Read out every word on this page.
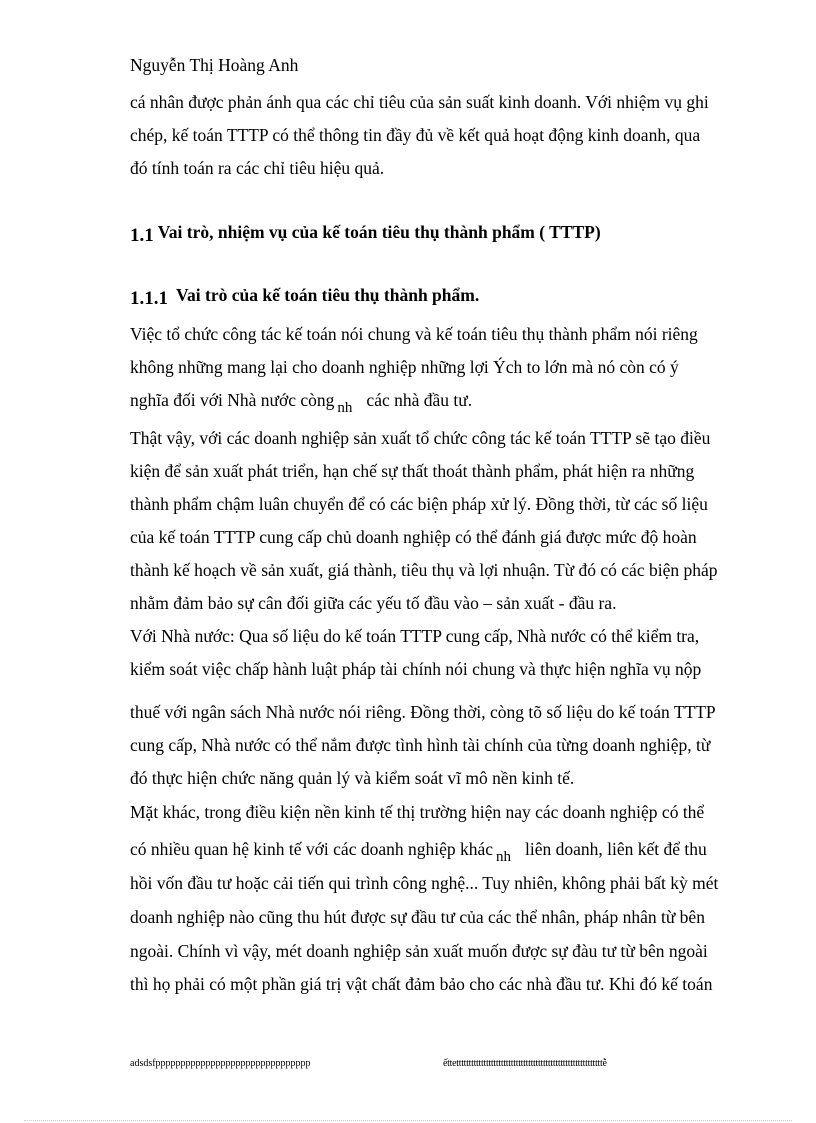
Nguyễn Thị Hoàng Anh
cá nhân được phản ánh qua các chỉ tiêu của sản suất kinh doanh. Với nhiệm vụ ghi
chép, kế toán TTTP có thể thông tin đầy đủ về kết quả hoạt động kinh doanh, qua
đó tính toán ra các chỉ tiêu hiệu quả.
1.1 Vai trò, nhiệm vụ của kế toán tiêu thụ thành phẩm ( TTTP)
1.1.1 Vai trò của kế toán tiêu thụ thành phẩm.
Việc tổ chức công tác kế toán nói chung và kế toán tiêu thụ thành phẩm nói riêng
không những mang lại cho doanh nghiệp những lợi Ých to lớn mà nó còn có ý
nghĩa đối với Nhà nước còng nh các nhà đầu tư.
Thật vậy, với các doanh nghiệp sản xuất tổ chức công tác kế toán TTTP sẽ tạo điều
kiện để sản xuất phát triển, hạn chế sự thất thoát thành phẩm, phát hiện ra những
thành phẩm chậm luân chuyển để có các biện pháp xử lý. Đồng thời, từ các số liệu
của kế toán TTTP cung cấp chủ doanh nghiệp có thể đánh giá được mức độ hoàn
thành kế hoạch về sản xuất, giá thành, tiêu thụ và lợi nhuận. Từ đó có các biện pháp
nhằm đảm bảo sự cân đối giữa các yếu tố đầu vào – sản xuất - đầu ra.
Với Nhà nước: Qua số liệu do kế toán TTTP cung cấp, Nhà nước có thể kiểm tra,
kiểm soát việc chấp hành luật pháp tài chính nói chung và thực hiện nghĩa vụ nộp
thuế với ngân sách Nhà nước nói riêng. Đồng thời, còng tõ số liệu do kế toán TTTP
cung cấp, Nhà nước có thể nắm được tình hình tài chính của từng doanh nghiệp, từ
đó thực hiện chức năng quản lý và kiểm soát vĩ mô nền kinh tế.
Mặt khác, trong điều kiện nền kinh tế thị trường hiện nay các doanh nghiệp có thể
có nhiều quan hệ kinh tế với các doanh nghiệp khác nh liên doanh, liên kết để thu
hồi vốn đầu tư hoặc cải tiến qui trình công nghệ... Tuy nhiên, không phải bất kỳ mét
doanh nghiệp nào cũng thu hút được sự đầu tư của các thể nhân, pháp nhân từ bên
ngoài. Chính vì vậy, mét doanh nghiệp sản xuất muốn được sự đàu tư từ bên ngoài
thì họ phải có một phần giá trị vật chất đảm bảo cho các nhà đầu tư. Khi đó kế toán
adsdsfppppppppppppppppppppppppppppppp	ếttetttttttttttttttttttttttttttttttttttttttttttttttttttttttttttễ
